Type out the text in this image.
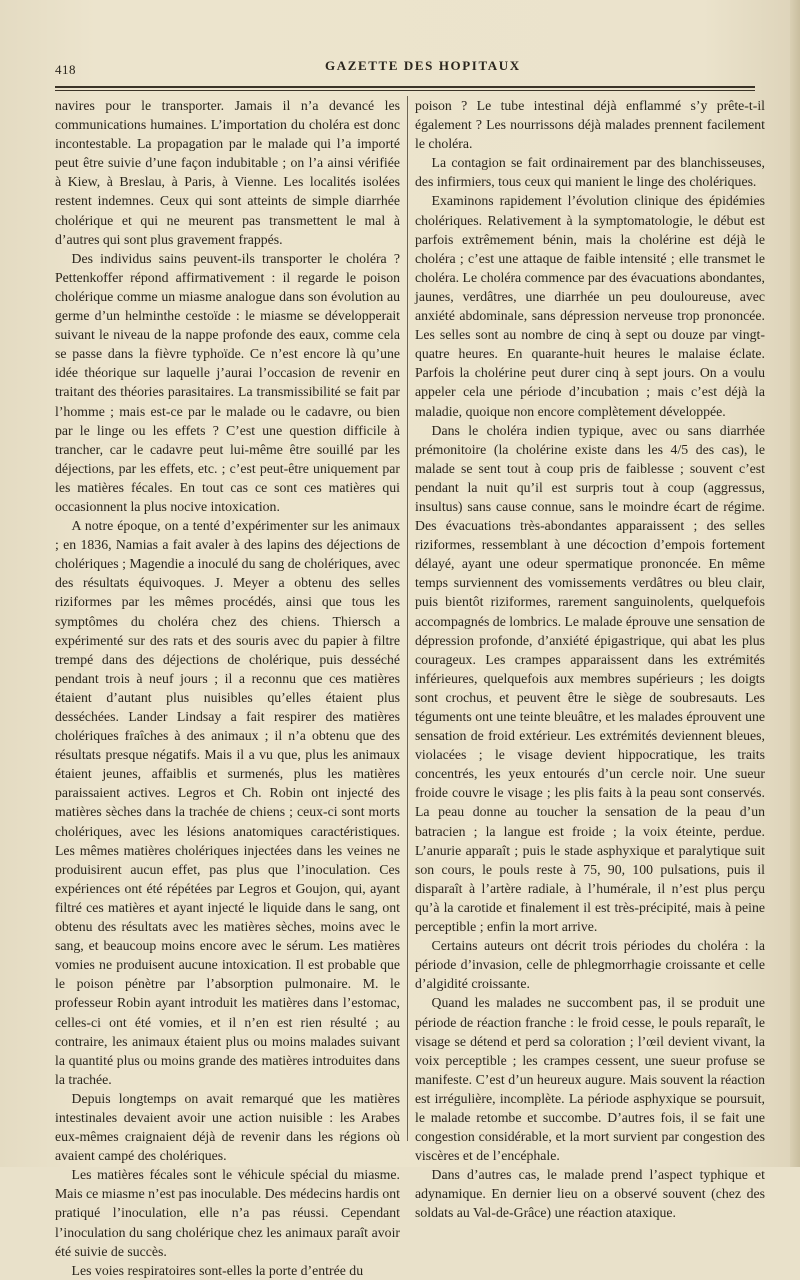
418	GAZETTE DES HOPITAUX

navires pour le transporter. Jamais il n’a devancé les communications humaines. L’importation du choléra est donc incontestable. La propagation par le malade qui l’a importé peut être suivie d’une façon indubitable ; on l’a ainsi vérifiée à Kiew, à Breslau, à Paris, à Vienne. Les localités isolées restent indemnes. Ceux qui sont atteints de simple diarrhée cholérique et qui ne meurent pas transmettent le mal à d’autres qui sont plus gravement frappés.

Des individus sains peuvent-ils transporter le choléra ? Pettenkoffer répond affirmativement : il regarde le poison cholérique comme un miasme analogue dans son évolution au germe d’un helminthe cestoïde : le miasme se développerait suivant le niveau de la nappe profonde des eaux, comme cela se passe dans la fièvre typhoïde. Ce n’est encore là qu’une idée théorique sur laquelle j’aurai l’occasion de revenir en traitant des théories parasitaires. La transmissibilité se fait par l’homme ; mais est-ce par le malade ou le cadavre, ou bien par le linge ou les effets ? C’est une question difficile à trancher, car le cadavre peut lui-même être souillé par les déjections, par les effets, etc. ; c’est peut-être uniquement par les matières fécales. En tout cas ce sont ces matières qui occasionnent la plus nocive intoxication.

A notre époque, on a tenté d’expérimenter sur les animaux ; en 1836, Namias a fait avaler à des lapins des déjections de cholériques ; Magendie a inoculé du sang de cholériques, avec des résultats équivoques. J. Meyer a obtenu des selles riziformes par les mêmes procédés, ainsi que tous les symptômes du choléra chez des chiens. Thiersch a expérimenté sur des rats et des souris avec du papier à filtre trempé dans des déjections de cholérique, puis desséché pendant trois à neuf jours ; il a reconnu que ces matières étaient d’autant plus nuisibles qu’elles étaient plus desséchées. Lander Lindsay a fait respirer des matières cholériques fraîches à des animaux ; il n’a obtenu que des résultats presque négatifs. Mais il a vu que, plus les animaux étaient jeunes, affaiblis et surmenés, plus les matières paraissaient actives. Legros et Ch. Robin ont injecté des matières sèches dans la trachée de chiens ; ceux-ci sont morts cholériques, avec les lésions anatomiques caractéristiques. Les mêmes matières cholériques injectées dans les veines ne produisirent aucun effet, pas plus que l’inoculation. Ces expériences ont été répétées par Legros et Goujon, qui, ayant filtré ces matières et ayant injecté le liquide dans le sang, ont obtenu des résultats avec les matières sèches, moins avec le sang, et beaucoup moins encore avec le sérum. Les matières vomies ne produisent aucune intoxication. Il est probable que le poison pénètre par l’absorption pulmonaire. M. le professeur Robin ayant introduit les matières dans l’estomac, celles-ci ont été vomies, et il n’en est rien résulté ; au contraire, les animaux étaient plus ou moins malades suivant la quantité plus ou moins grande des matières introduites dans la trachée.

Depuis longtemps on avait remarqué que les matières intestinales devaient avoir une action nuisible : les Arabes eux-mêmes craignaient déjà de revenir dans les régions où avaient campé des cholériques.

Les matières fécales sont le véhicule spécial du miasme. Mais ce miasme n’est pas inoculable. Des médecins hardis ont pratiqué l’inoculation, elle n’a pas réussi. Cependant l’inoculation du sang cholérique chez les animaux paraît avoir été suivie de succès.

Les voies respiratoires sont-elles la porte d’entrée du

poison ? Le tube intestinal déjà enflammé s’y prête-t-il également ? Les nourrissons déjà malades prennent facilement le choléra.

La contagion se fait ordinairement par des blanchisseuses, des infirmiers, tous ceux qui manient le linge des cholériques.

Examinons rapidement l’évolution clinique des épidémies cholériques. Relativement à la symptomatologie, le début est parfois extrêmement bénin, mais la cholérine est déjà le choléra ; c’est une attaque de faible intensité ; elle transmet le choléra. Le choléra commence par des évacuations abondantes, jaunes, verdâtres, une diarrhée un peu douloureuse, avec anxiété abdominale, sans dépression nerveuse trop prononcée. Les selles sont au nombre de cinq à sept ou douze par vingt-quatre heures. En quarante-huit heures le malaise éclate. Parfois la cholérine peut durer cinq à sept jours. On a voulu appeler cela une période d’incubation ; mais c’est déjà la maladie, quoique non encore complètement développée.

Dans le choléra indien typique, avec ou sans diarrhée prémonitoire (la cholérine existe dans les 4/5 des cas), le malade se sent tout à coup pris de faiblesse ; souvent c’est pendant la nuit qu’il est surpris tout à coup (aggressus, insultus) sans cause connue, sans le moindre écart de régime. Des évacuations très-abondantes apparaissent ; des selles riziformes, ressemblant à une décoction d’empois fortement délayé, ayant une odeur spermatique prononcée. En même temps surviennent des vomissements verdâtres ou bleu clair, puis bientôt riziformes, rarement sanguinolents, quelquefois accompagnés de lombrics. Le malade éprouve une sensation de dépression profonde, d’anxiété épigastrique, qui abat les plus courageux. Les crampes apparaissent dans les extrémités inférieures, quelquefois aux membres supérieurs ; les doigts sont crochus, et peuvent être le siège de soubresauts. Les téguments ont une teinte bleuâtre, et les malades éprouvent une sensation de froid extérieur. Les extrémités deviennent bleues, violacées ; le visage devient hippocratique, les traits concentrés, les yeux entourés d’un cercle noir. Une sueur froide couvre le visage ; les plis faits à la peau sont conservés. La peau donne au toucher la sensation de la peau d’un batracien ; la langue est froide ; la voix éteinte, perdue. L’anurie apparaît ; puis le stade asphyxique et paralytique suit son cours, le pouls reste à 75, 90, 100 pulsations, puis il disparaît à l’artère radiale, à l’humérale, il n’est plus perçu qu’à la carotide et finalement il est très-précipité, mais à peine perceptible ; enfin la mort arrive.

Certains auteurs ont décrit trois périodes du choléra : la période d’invasion, celle de phlegmorrhagie croissante et celle d’algidité croissante.

Quand les malades ne succombent pas, il se produit une période de réaction franche : le froid cesse, le pouls reparaît, le visage se détend et perd sa coloration ; l’œil devient vivant, la voix perceptible ; les crampes cessent, une sueur profuse se manifeste. C’est d’un heureux augure. Mais souvent la réaction est irrégulière, incomplète. La période asphyxique se poursuit, le malade retombe et succombe. D’autres fois, il se fait une congestion considérable, et la mort survient par congestion des viscères et de l’encéphale.

Dans d’autres cas, le malade prend l’aspect typhique et adynamique. En dernier lieu on a observé souvent (chez des soldats au Val-de-Grâce) une réaction ataxique.
